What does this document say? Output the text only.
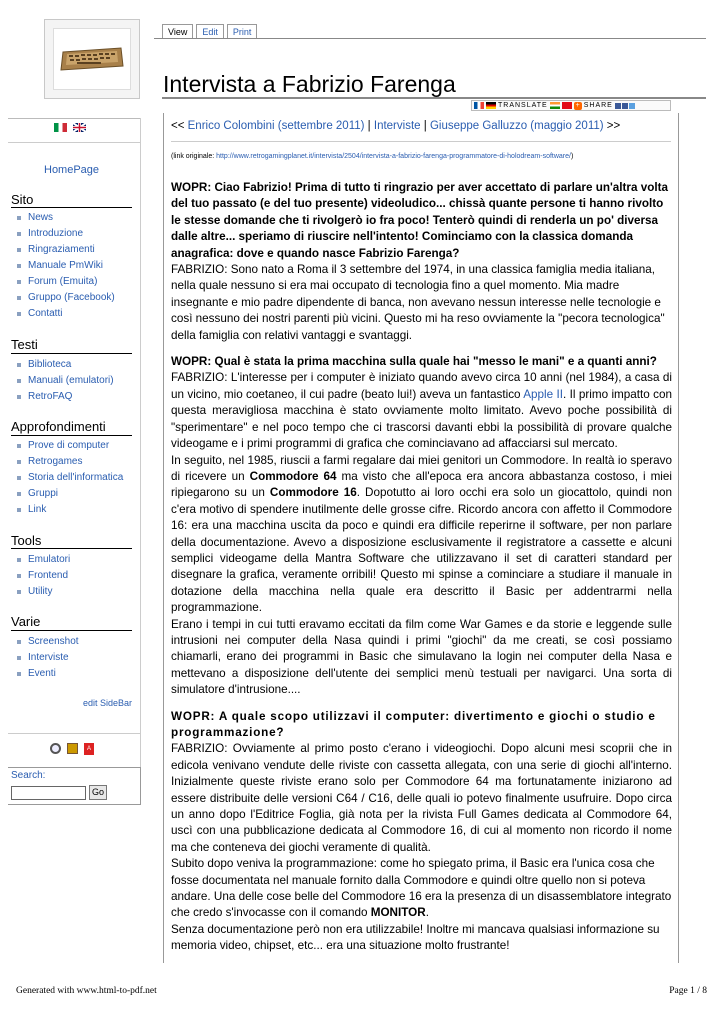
View	Edit	Print
Intervista a Fabrizio Farenga
TRANSLATE	+ SHARE
<< Enrico Colombini (settembre 2011) | Interviste | Giuseppe Galluzzo (maggio 2011) >>
(link originale: http://www.retrogamingplanet.it/intervista/2504/intervista-a-fabrizio-farenga-programmatore-di-holodream-software/)

WOPR: Ciao Fabrizio! Prima di tutto ti ringrazio per aver accettato di parlare un'altra volta del tuo passato (e del tuo presente) videoludico... chissà quante persone ti hanno rivolto le stesse domande che ti rivolgerò io fra poco! Tenterò quindi di renderla un po' diversa dalle altre... speriamo di riuscire nell'intento! Cominciamo con la classica domanda anagrafica: dove e quando nasce Fabrizio Farenga?

FABRIZIO: Sono nato a Roma il 3 settembre del 1974, in una classica famiglia media italiana, nella quale nessuno si era mai occupato di tecnologia fino a quel momento. Mia madre insegnante e mio padre dipendente di banca, non avevano nessun interesse nelle tecnologie e così nessuno dei nostri parenti più vicini. Questo mi ha reso ovviamente la "pecora tecnologica" della famiglia con relativi vantaggi e svantaggi.

WOPR: Qual è stata la prima macchina sulla quale hai "messo le mani" e a quanti anni?

FABRIZIO: L'interesse per i computer è iniziato quando avevo circa 10 anni (nel 1984), a casa di un vicino, mio coetaneo, il cui padre (beato lui!) aveva un fantastico Apple II. Il primo impatto con questa meravigliosa macchina è stato ovviamente molto limitato. Avevo poche possibilità di "sperimentare" e nel poco tempo che ci trascorsi davanti ebbi la possibilità di provare qualche videogame e i primi programmi di grafica che cominciavano ad affacciarsi sul mercato.

In seguito, nel 1985, riuscii a farmi regalare dai miei genitori un Commodore. In realtà io speravo di ricevere un Commodore 64 ma visto che all'epoca era ancora abbastanza costoso, i miei ripiegarono su un Commodore 16. Dopotutto ai loro occhi era solo un giocattolo, quindi non c'era motivo di spendere inutilmente delle grosse cifre. Ricordo ancora con affetto il Commodore 16: era una macchina uscita da poco e quindi era difficile reperirne il software, per non parlare della documentazione. Avevo a disposizione esclusivamente il registratore a cassette e alcuni semplici videogame della Mantra Software che utilizzavano il set di caratteri standard per disegnare la grafica, veramente orribili! Questo mi spinse a cominciare a studiare il manuale in dotazione della macchina nella quale era descritto il Basic per addentrarmi nella programmazione.

Erano i tempi in cui tutti eravamo eccitati da film come War Games e da storie e leggende sulle intrusioni nei computer della Nasa quindi i primi "giochi" da me creati, se così possiamo chiamarli, erano dei programmi in Basic che simulavano la login nei computer della Nasa e mettevano a disposizione dell'utente dei semplici menù testuali per navigarci. Una sorta di simulatore d'intrusione....

WOPR: A quale scopo utilizzavi il computer: divertimento e giochi o studio e programmazione?

FABRIZIO: Ovviamente al primo posto c'erano i videogiochi. Dopo alcuni mesi scoprii che in edicola venivano vendute delle riviste con cassetta allegata, con una serie di giochi all'interno. Inizialmente queste riviste erano solo per Commodore 64 ma fortunatamente iniziarono ad essere distribuite delle versioni C64 / C16, delle quali io potevo finalmente usufruire. Dopo circa un anno dopo l'Editrice Foglia, già nota per la rivista Full Games dedicata al Commodore 64, uscì con una pubblicazione dedicata al Commodore 16, di cui al momento non ricordo il nome ma che conteneva dei giochi veramente di qualità.

Subito dopo veniva la programmazione: come ho spiegato prima, il Basic era l'unica cosa che fosse documentata nel manuale fornito dalla Commodore e quindi oltre quello non si poteva andare. Una delle cose belle del Commodore 16 era la presenza di un disassemblatore integrato che credo s'invocasse con il comando MONITOR.

Senza documentazione però non era utilizzabile! Inoltre mi mancava qualsiasi informazione su memoria video, chipset, etc... era una situazione molto frustrante!

HomePage
Sito
News
Introduzione
Ringraziamenti
Manuale PmWiki
Forum (Emuita)
Gruppo (Facebook)
Contatti
Testi
Biblioteca
Manuali (emulatori)
RetroFAQ
Approfondimenti
Prove di computer
Retrogames
Storia dell'informatica
Gruppi
Link
Tools
Emulatori
Frontend
Utility
Varie
Screenshot
Interviste
Eventi
edit SideBar
A
Search:
Go
Generated with www.html-to-pdf.net	Page 1 / 8
